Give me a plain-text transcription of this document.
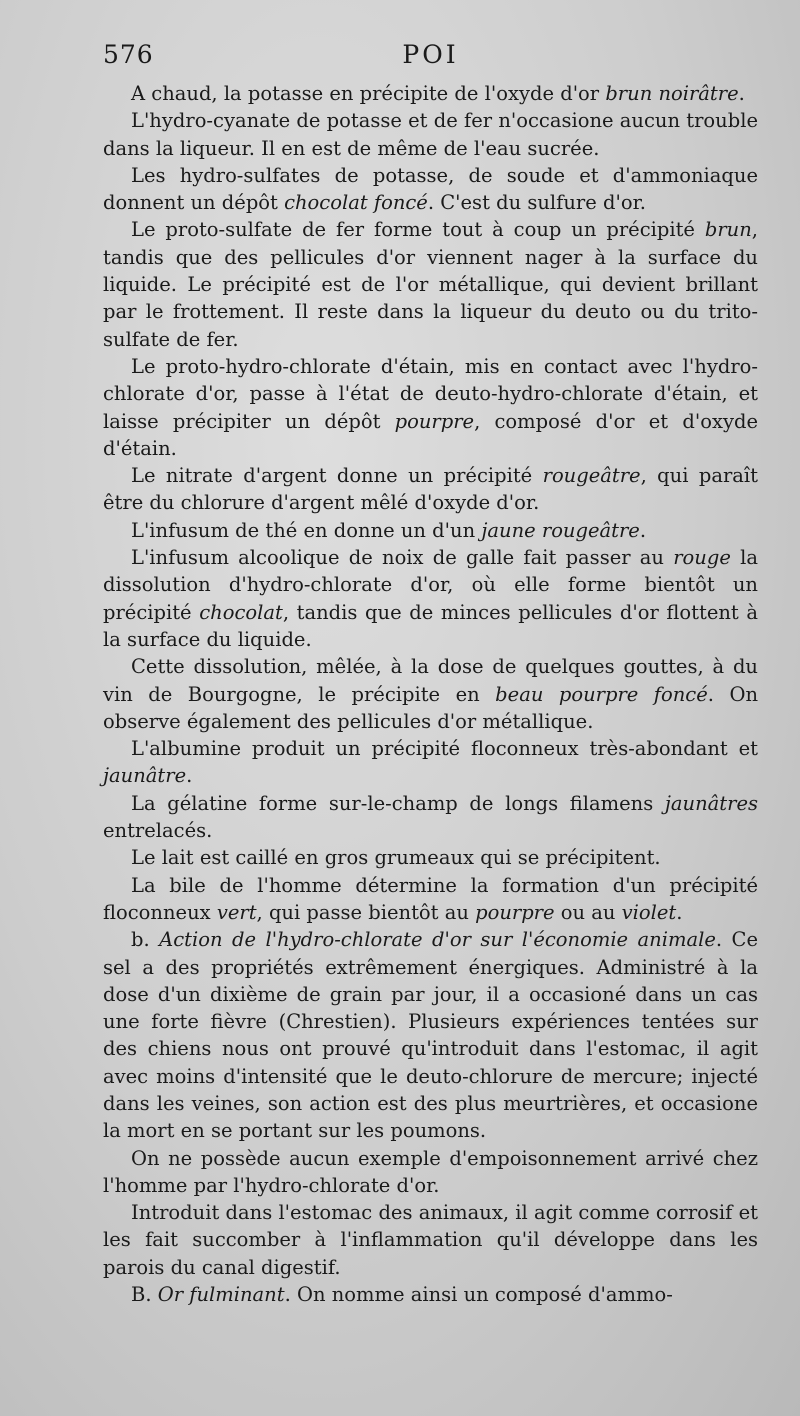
576	POI

A chaud, la potasse en précipite de l'oxyde d'or brun noirâtre.

L'hydro-cyanate de potasse et de fer n'occasione aucun trouble dans la liqueur. Il en est de même de l'eau sucrée.

Les hydro-sulfates de potasse, de soude et d'ammoniaque donnent un dépôt chocolat foncé. C'est du sulfure d'or.

Le proto-sulfate de fer forme tout à coup un précipité brun, tandis que des pellicules d'or viennent nager à la surface du liquide. Le précipité est de l'or métallique, qui devient brillant par le frottement. Il reste dans la liqueur du deuto ou du trito-sulfate de fer.

Le proto-hydro-chlorate d'étain, mis en contact avec l'hydro-chlorate d'or, passe à l'état de deuto-hydro-chlorate d'étain, et laisse précipiter un dépôt pourpre, composé d'or et d'oxyde d'étain.

Le nitrate d'argent donne un précipité rougeâtre, qui paraît être du chlorure d'argent mêlé d'oxyde d'or.

L'infusum de thé en donne un d'un jaune rougeâtre.

L'infusum alcoolique de noix de galle fait passer au rouge la dissolution d'hydro-chlorate d'or, où elle forme bientôt un précipité chocolat, tandis que de minces pellicules d'or flottent à la surface du liquide.

Cette dissolution, mêlée, à la dose de quelques gouttes, à du vin de Bourgogne, le précipite en beau pourpre foncé. On observe également des pellicules d'or métallique.

L'albumine produit un précipité floconneux très-abondant et jaunâtre.

La gélatine forme sur-le-champ de longs filamens jaunâtres entrelacés.

Le lait est caillé en gros grumeaux qui se précipitent.

La bile de l'homme détermine la formation d'un précipité floconneux vert, qui passe bientôt au pourpre ou au violet.

b. Action de l'hydro-chlorate d'or sur l'économie animale. Ce sel a des propriétés extrêmement énergiques. Administré à la dose d'un dixième de grain par jour, il a occasioné dans un cas une forte fièvre (Chrestien). Plusieurs expériences tentées sur des chiens nous ont prouvé qu'introduit dans l'estomac, il agit avec moins d'intensité que le deuto-chlorure de mercure; injecté dans les veines, son action est des plus meurtrières, et occasione la mort en se portant sur les poumons.

On ne possède aucun exemple d'empoisonnement arrivé chez l'homme par l'hydro-chlorate d'or.

Introduit dans l'estomac des animaux, il agit comme corrosif et les fait succomber à l'inflammation qu'il développe dans les parois du canal digestif.

B. Or fulminant. On nomme ainsi un composé d'ammo-
